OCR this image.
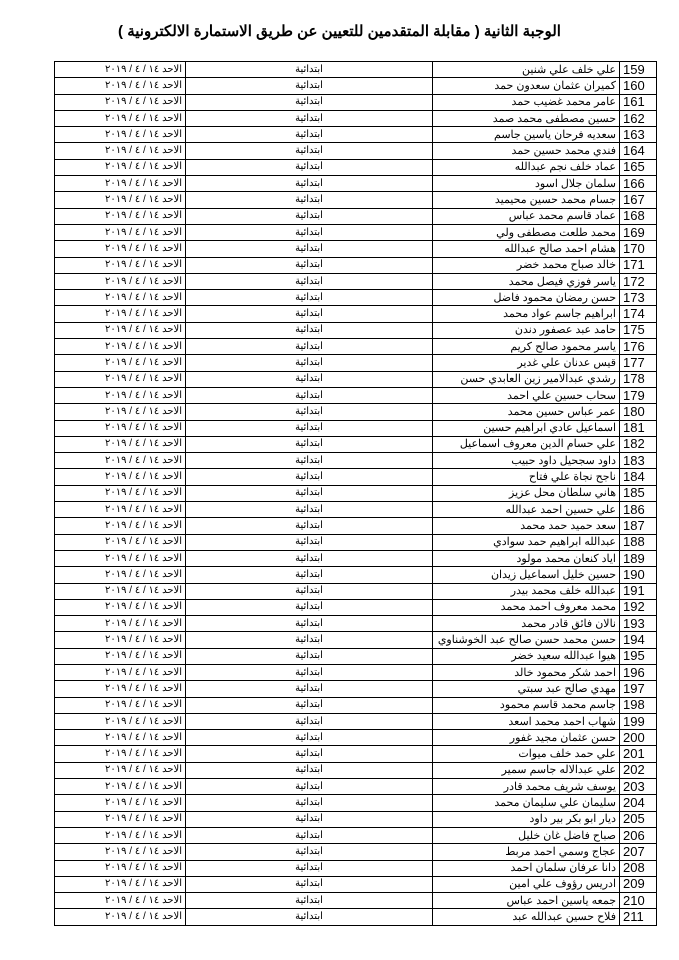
الوجبة الثانية ( مقابلة المتقدمين للتعيين عن طريق الاستمارة الالكترونية )
159	علي خلف علي شنين	ابتدائية	الاحد ١٤ / ٤ / ٢٠١٩
160	كميران عثمان سعدون حمد	ابتدائية	الاحد ١٤ / ٤ / ٢٠١٩
161	عامر محمد غضيب حمد	ابتدائية	الاحد ١٤ / ٤ / ٢٠١٩
162	حسين مصطفى محمد صمد	ابتدائية	الاحد ١٤ / ٤ / ٢٠١٩
163	سعديه فرحان ياسين جاسم	ابتدائية	الاحد ١٤ / ٤ / ٢٠١٩
164	فندي محمد حسين حمد	ابتدائية	الاحد ١٤ / ٤ / ٢٠١٩
165	عماد خلف نجم عبدالله	ابتدائية	الاحد ١٤ / ٤ / ٢٠١٩
166	سلمان جلال اسود	ابتدائية	الاحد ١٤ / ٤ / ٢٠١٩
167	جسام محمد حسين محيميد	ابتدائية	الاحد ١٤ / ٤ / ٢٠١٩
168	عماد قاسم محمد عباس	ابتدائية	الاحد ١٤ / ٤ / ٢٠١٩
169	محمد طلعت مصطفى ولي	ابتدائية	الاحد ١٤ / ٤ / ٢٠١٩
170	هشام احمد صالح عبدالله	ابتدائية	الاحد ١٤ / ٤ / ٢٠١٩
171	خالد صباح محمد خضر	ابتدائية	الاحد ١٤ / ٤ / ٢٠١٩
172	ياسر فوزي فيصل محمد	ابتدائية	الاحد ١٤ / ٤ / ٢٠١٩
173	حسن رمضان محمود فاضل	ابتدائية	الاحد ١٤ / ٤ / ٢٠١٩
174	ابراهيم جاسم عواد محمد	ابتدائية	الاحد ١٤ / ٤ / ٢٠١٩
175	حامد عبد عصفور دندن	ابتدائية	الاحد ١٤ / ٤ / ٢٠١٩
176	ياسر محمود صالح كريم	ابتدائية	الاحد ١٤ / ٤ / ٢٠١٩
177	قيس عدنان علي غدير	ابتدائية	الاحد ١٤ / ٤ / ٢٠١٩
178	رشدي عبدالامير زين العابدي حسن	ابتدائية	الاحد ١٤ / ٤ / ٢٠١٩
179	سحاب حسين علي احمد	ابتدائية	الاحد ١٤ / ٤ / ٢٠١٩
180	عمر عباس حسين محمد	ابتدائية	الاحد ١٤ / ٤ / ٢٠١٩
181	اسماعيل عادي ابراهيم حسين	ابتدائية	الاحد ١٤ / ٤ / ٢٠١٩
182	علي حسام الدين معروف اسماعيل	ابتدائية	الاحد ١٤ / ٤ / ٢٠١٩
183	داود سجحيل داود حبيب	ابتدائية	الاحد ١٤ / ٤ / ٢٠١٩
184	ناجح نجاة علي فتاح	ابتدائية	الاحد ١٤ / ٤ / ٢٠١٩
185	هاني سلطان محل عزيز	ابتدائية	الاحد ١٤ / ٤ / ٢٠١٩
186	علي حسين احمد عبدالله	ابتدائية	الاحد ١٤ / ٤ / ٢٠١٩
187	سعد حميد حمد محمد	ابتدائية	الاحد ١٤ / ٤ / ٢٠١٩
188	عبدالله ابراهيم حمد سوادي	ابتدائية	الاحد ١٤ / ٤ / ٢٠١٩
189	اياد كنعان محمد مولود	ابتدائية	الاحد ١٤ / ٤ / ٢٠١٩
190	حسين خليل اسماعيل زيدان	ابتدائية	الاحد ١٤ / ٤ / ٢٠١٩
191	عبدالله خلف محمد بيدر	ابتدائية	الاحد ١٤ / ٤ / ٢٠١٩
192	محمد معروف احمد محمد	ابتدائية	الاحد ١٤ / ٤ / ٢٠١٩
193	نالان فائق قادر محمد	ابتدائية	الاحد ١٤ / ٤ / ٢٠١٩
194	حسن محمد حسن صالح عبد الخوشناوي	ابتدائية	الاحد ١٤ / ٤ / ٢٠١٩
195	هيوا عبدالله سعيد خضر	ابتدائية	الاحد ١٤ / ٤ / ٢٠١٩
196	احمد شكر محمود خالد	ابتدائية	الاحد ١٤ / ٤ / ٢٠١٩
197	مهدي صالح عبد سبتي	ابتدائية	الاحد ١٤ / ٤ / ٢٠١٩
198	جاسم محمد قاسم محمود	ابتدائية	الاحد ١٤ / ٤ / ٢٠١٩
199	شهاب احمد محمد اسعد	ابتدائية	الاحد ١٤ / ٤ / ٢٠١٩
200	حسن عثمان مجيد غفور	ابتدائية	الاحد ١٤ / ٤ / ٢٠١٩
201	علي حمد خلف ميوات	ابتدائية	الاحد ١٤ / ٤ / ٢٠١٩
202	علي عبدالاله جاسم سمير	ابتدائية	الاحد ١٤ / ٤ / ٢٠١٩
203	يوسف شريف محمد قادر	ابتدائية	الاحد ١٤ / ٤ / ٢٠١٩
204	سليمان علي سليمان محمد	ابتدائية	الاحد ١٤ / ٤ / ٢٠١٩
205	ديار ابو بكر بير داود	ابتدائية	الاحد ١٤ / ٤ / ٢٠١٩
206	صباح فاضل غان خليل	ابتدائية	الاحد ١٤ / ٤ / ٢٠١٩
207	عجاج وسمي احمد مربط	ابتدائية	الاحد ١٤ / ٤ / ٢٠١٩
208	دانا عرفان سلمان احمد	ابتدائية	الاحد ١٤ / ٤ / ٢٠١٩
209	ادريس رؤوف علي امين	ابتدائية	الاحد ١٤ / ٤ / ٢٠١٩
210	جمعه ياسين احمد عباس	ابتدائية	الاحد ١٤ / ٤ / ٢٠١٩
211	فلاح حسين عبدالله عبد	ابتدائية	الاحد ١٤ / ٤ / ٢٠١٩
